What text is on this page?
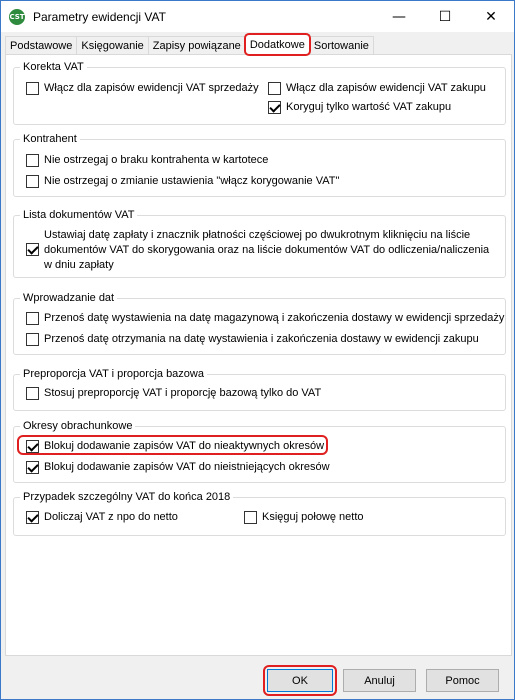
CST Parametry ewidencji VAT	—	☐	✕
Podstawowe Księgowanie Zapisy powiązane Dodatkowe Sortowanie
Korekta VAT
Włącz dla zapisów ewidencji VAT sprzedaży Włącz dla zapisów ewidencji VAT zakupu
Koryguj tylko wartość VAT zakupu
Kontrahent
Nie ostrzegaj o braku kontrahenta w kartotece
Nie ostrzegaj o zmianie ustawienia "włącz korygowanie VAT"
Lista dokumentów VAT
Ustawiaj datę zapłaty i znacznik płatności częściowej po dwukrotnym kliknięciu na liście dokumentów VAT do skorygowania oraz na liście dokumentów VAT do odliczenia/naliczenia w dniu zapłaty
Wprowadzanie dat
Przenoś datę wystawienia na datę magazynową i zakończenia dostawy w ewidencji sprzedaży
Przenoś datę otrzymania na datę wystawienia i zakończenia dostawy w ewidencji zakupu
Preproporcja VAT i proporcja bazowa
Stosuj preproporcję VAT i proporcję bazową tylko do VAT
Okresy obrachunkowe
Blokuj dodawanie zapisów VAT do nieaktywnych okresów
Blokuj dodawanie zapisów VAT do nieistniejących okresów
Przypadek szczególny VAT do końca 2018
Doliczaj VAT z npo do netto	Księguj połowę netto
OK	Anuluj	Pomoc
